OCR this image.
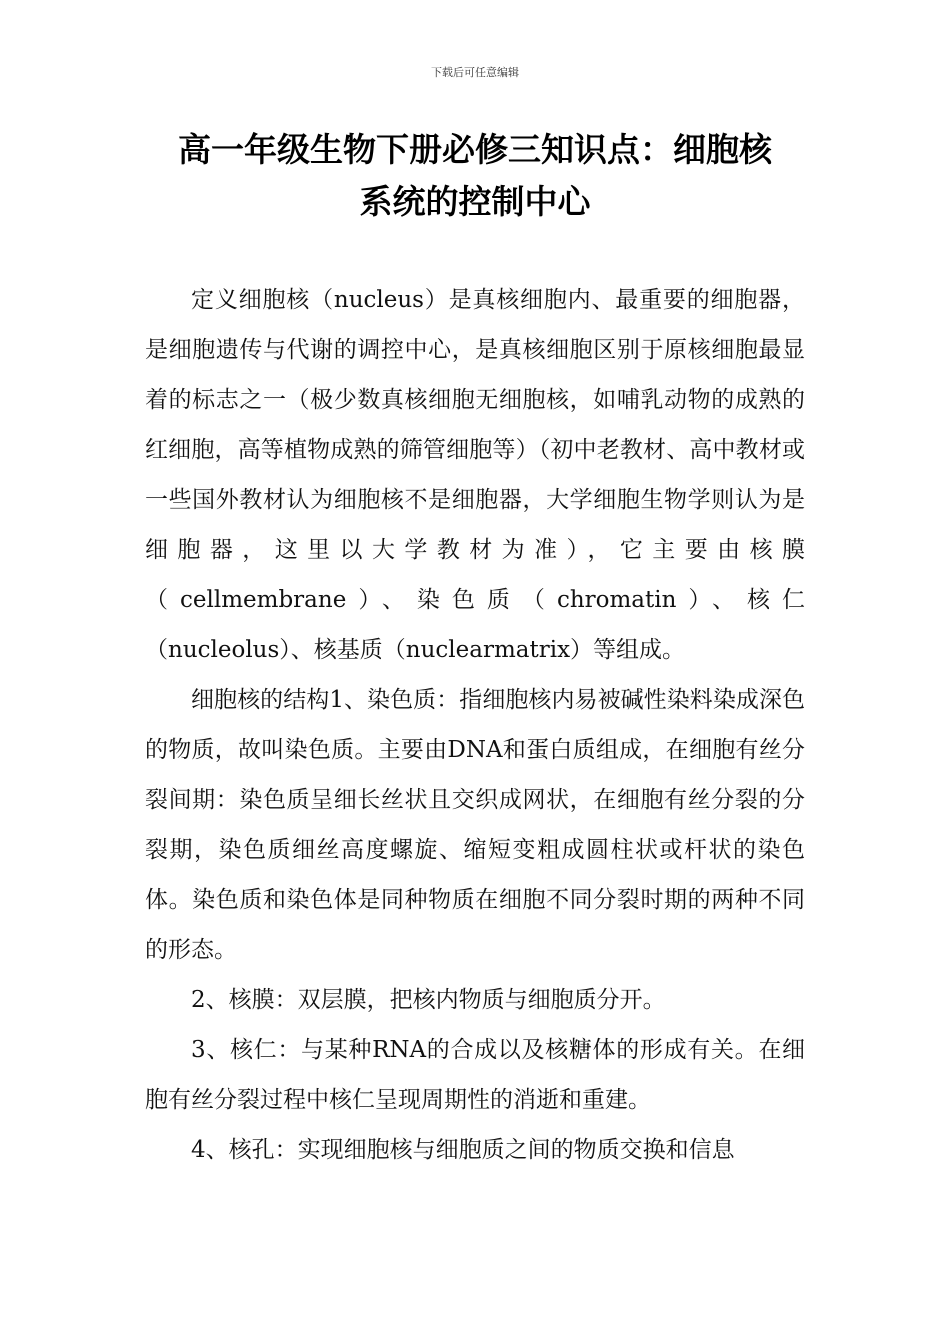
下载后可任意编辑
高一年级生物下册必修三知识点：细胞核
系统的控制中心

定义细胞核（nucleus）是真核细胞内、最重要的细胞器，是细胞遗传与代谢的调控中心，是真核细胞区别于原核细胞最显着的标志之一（极少数真核细胞无细胞核，如哺乳动物的成熟的红细胞，高等植物成熟的筛管细胞等）（初中老教材、高中教材或一些国外教材认为细胞核不是细胞器，大学细胞生物学则认为是细胞器，这里以大学教材为准），它主要由核膜（cellmembrane）、染色质（chromatin）、核仁（nucleolus）、核基质（nuclearmatrix）等组成。

细胞核的结构1、染色质：指细胞核内易被碱性染料染成深色的物质，故叫染色质。主要由DNA和蛋白质组成，在细胞有丝分裂间期：染色质呈细长丝状且交织成网状，在细胞有丝分裂的分裂期，染色质细丝高度螺旋、缩短变粗成圆柱状或杆状的染色体。染色质和染色体是同种物质在细胞不同分裂时期的两种不同的形态。

2、核膜：双层膜，把核内物质与细胞质分开。

3、核仁：与某种RNA的合成以及核糖体的形成有关。在细胞有丝分裂过程中核仁呈现周期性的消逝和重建。

4、核孔：实现细胞核与细胞质之间的物质交换和信息
